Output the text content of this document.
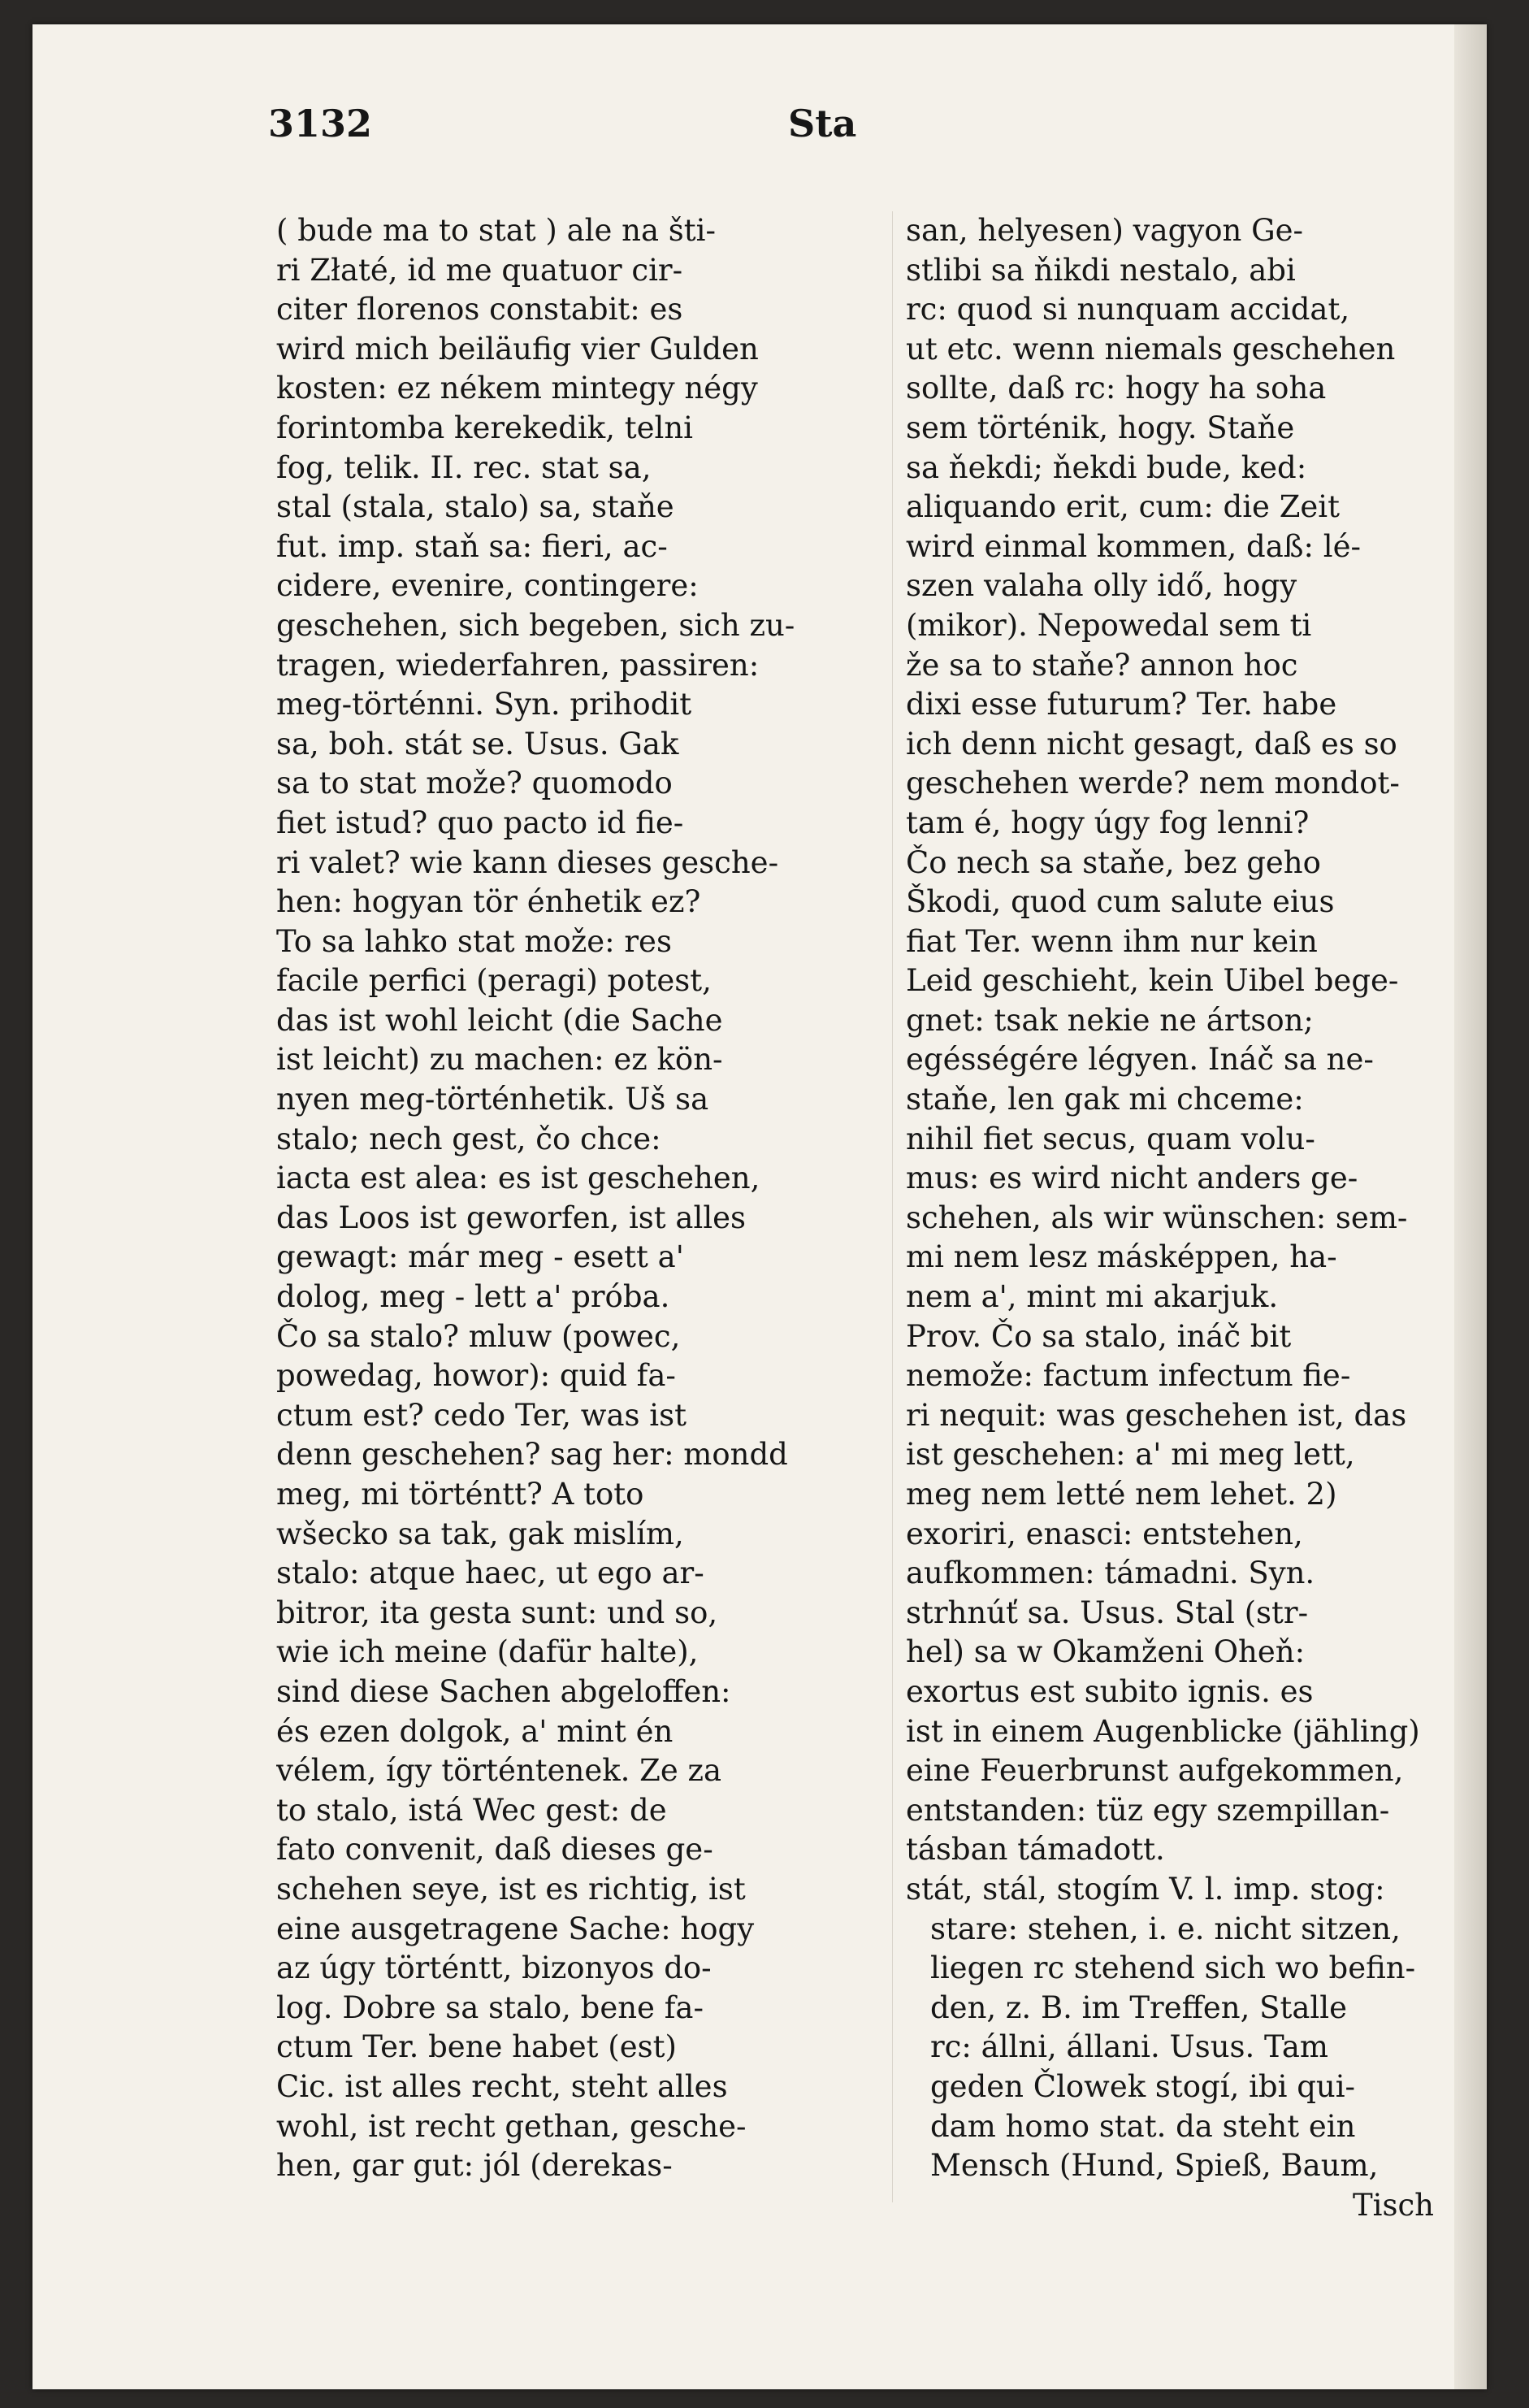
3132	Sta
( bude ma to stat ) ale na šti-
ri Złaté, id me quatuor cir-
citer florenos constabit: es
wird mich beiläufig vier Gulden
kosten: ez nékem mintegy négy
forintomba kerekedik, telni
fog, telik. II. rec. stat sa,
stal (stala, stalo) sa, staňe
fut. imp. staň sa: fieri, ac-
cidere, evenire, contingere:
geschehen, sich begeben, sich zu-
tragen, wiederfahren, passiren:
meg-történni. Syn. prihodit
sa, boh. stát se. Usus. Gak
sa to stat može? quomodo
fiet istud? quo pacto id fie-
ri valet? wie kann dieses gesche-
hen: hogyan tör énhetik ez?
To sa lahko stat može: res
facile perfici (peragi) potest,
das ist wohl leicht (die Sache
ist leicht) zu machen: ez kön-
nyen meg-történhetik. Uš sa
stalo; nech gest, čo chce:
iacta est alea: es ist geschehen,
das Loos ist geworfen, ist alles
gewagt: már meg - esett a'
dolog, meg - lett a' próba.
Čo sa stalo? mluw (powec,
powedag, howor): quid fa-
ctum est? cedo Ter, was ist
denn geschehen? sag her: mondd
meg, mi történtt? A toto
wšecko sa tak, gak mislím,
stalo: atque haec, ut ego ar-
bitror, ita gesta sunt: und so,
wie ich meine (dafür halte),
sind diese Sachen abgeloffen:
és ezen dolgok, a' mint én
vélem, így történtenek. Ze za
to stalo, istá Wec gest: de
fato convenit, daß dieses ge-
schehen seye, ist es richtig, ist
eine ausgetragene Sache: hogy
az úgy történtt, bizonyos do-
log. Dobre sa stalo, bene fa-
ctum Ter. bene habet (est)
Cic. ist alles recht, steht alles
wohl, ist recht gethan, gesche-
hen, gar gut: jól (derekas-
san, helyesen) vagyon Ge-
stlibi sa ňikdi nestalo, abi
rc: quod si nunquam accidat,
ut etc. wenn niemals geschehen
sollte, daß rc: hogy ha soha
sem történik, hogy. Staňe
sa ňekdi; ňekdi bude, ked:
aliquando erit, cum: die Zeit
wird einmal kommen, daß: lé-
szen valaha olly idő, hogy
(mikor). Nepowedal sem ti
že sa to staňe? annon hoc
dixi esse futurum? Ter. habe
ich denn nicht gesagt, daß es so
geschehen werde? nem mondot-
tam é, hogy úgy fog lenni?
Čo nech sa staňe, bez geho
Škodi, quod cum salute eius
fiat Ter. wenn ihm nur kein
Leid geschieht, kein Uibel bege-
gnet: tsak nekie ne ártson;
egésségére légyen. Ináč sa ne-
staňe, len gak mi chceme:
nihil fiet secus, quam volu-
mus: es wird nicht anders ge-
schehen, als wir wünschen: sem-
mi nem lesz másképpen, ha-
nem a', mint mi akarjuk.
Prov. Čo sa stalo, ináč bit
nemože: factum infectum fie-
ri nequit: was geschehen ist, das
ist geschehen: a' mi meg lett,
meg nem letté nem lehet. 2)
exoriri, enasci: entstehen,
aufkommen: támadni. Syn.
strhnúť sa. Usus. Stal (str-
hel) sa w Okamženi Oheň:
exortus est subito ignis. es
ist in einem Augenblicke (jähling)
eine Feuerbrunst aufgekommen,
entstanden: tüz egy szempillan-
tásban támadott.
stát, stál, stogím V. l. imp. stog:
stare: stehen, i. e. nicht sitzen,
liegen rc stehend sich wo befin-
den, z. B. im Treffen, Stalle
rc: állni, állani. Usus. Tam
geden Člowek stogí, ibi qui-
dam homo stat. da steht ein
Mensch (Hund, Spieß, Baum,
Tisch
